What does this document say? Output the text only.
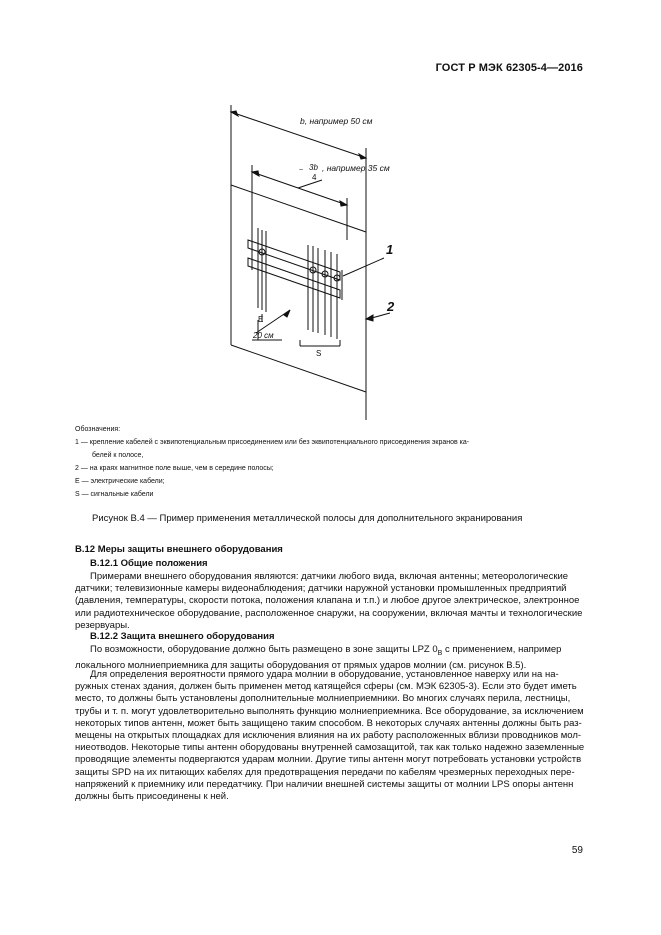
ГОСТ Р МЭК 62305-4—2016
b, например 50 см
3b
~
4
, например 35 см
1
2
E
20 см
S
Обозначения:
1 — крепление кабелей с эквипотенциальным присоединением или без эквипотенциального присоединения экранов ка-
белей к полосе,
2 — на краях магнитное поле выше, чем в середине полосы;
E — электрические кабели;
S — сигнальные кабели
Рисунок В.4 — Пример применения металлической полосы для дополнительного экранирования
В.12 Меры защиты внешнего оборудования
В.12.1 Общие положения
Примерами внешнего оборудования являются: датчики любого вида, включая антенны; метеорологические
датчики; телевизионные камеры видеонаблюдения; датчики наружной установки промышленных предприятий
(давления, температуры, скорости потока, положения клапана и т.п.) и любое другое электрическое, электронное
или радиотехническое оборудование, расположенное снаружи, на сооружении, включая мачты и технологические
резервуары.
В.12.2 Защита внешнего оборудования
По возможности, оборудование должно быть размещено в зоне защиты LPZ $0_B$ с применением, например
локального молниеприемника для защиты оборудования от прямых ударов молнии (см. рисунок В.5).
Для определения вероятности прямого удара молнии в оборудование, установленное наверху или на на-
ружных стенах здания, должен быть применен метод катящейся сферы (см. МЭК 62305-3). Если это будет иметь
место, то должны быть установлены дополнительные молниеприемники. Во многих случаях перила, лестницы,
трубы и т. п. могут удовлетворительно выполнять функцию молниеприемника. Все оборудование, за исключением
некоторых типов антенн, может быть защищено таким способом. В некоторых случаях антенны должны быть раз-
мещены на открытых площадках для исключения влияния на их работу расположенных вблизи проводников мол-
ниеотводов. Некоторые типы антенн оборудованы внутренней самозащитой, так как только надежно заземленные
проводящие элементы подвергаются ударам молнии. Другие типы антенн могут потребовать установки устройств
защиты SPD на их питающих кабелях для предотвращения передачи по кабелям чрезмерных переходных пере-
напряжений к приемнику или передатчику. При наличии внешней системы защиты от молнии LPS опоры антенн
должны быть присоединены к ней.
59
